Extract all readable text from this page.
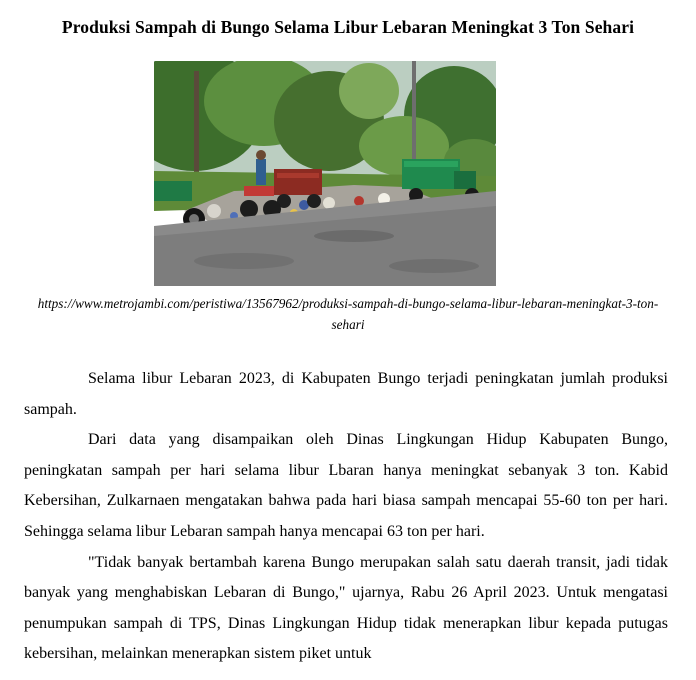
Produksi Sampah di Bungo Selama Libur Lebaran Meningkat 3 Ton Sehari
https://www.metrojambi.com/peristiwa/13567962/produksi-sampah-di-bungo-selama-libur-lebaran-meningkat-3-ton-sehari

Selama libur Lebaran 2023, di Kabupaten Bungo terjadi peningkatan jumlah produksi sampah.

Dari data yang disampaikan oleh Dinas Lingkungan Hidup Kabupaten Bungo, peningkatan sampah per hari selama libur Lbaran hanya meningkat sebanyak 3 ton. Kabid Kebersihan, Zulkarnaen mengatakan bahwa pada hari biasa sampah mencapai 55-60 ton per hari. Sehingga selama libur Lebaran sampah hanya mencapai 63 ton per hari.

"Tidak banyak bertambah karena Bungo merupakan salah satu daerah transit, jadi tidak banyak yang menghabiskan Lebaran di Bungo," ujarnya, Rabu 26 April 2023. Untuk mengatasi penumpukan sampah di TPS, Dinas Lingkungan Hidup tidak menerapkan libur kepada putugas kebersihan, melainkan menerapkan sistem piket untuk
